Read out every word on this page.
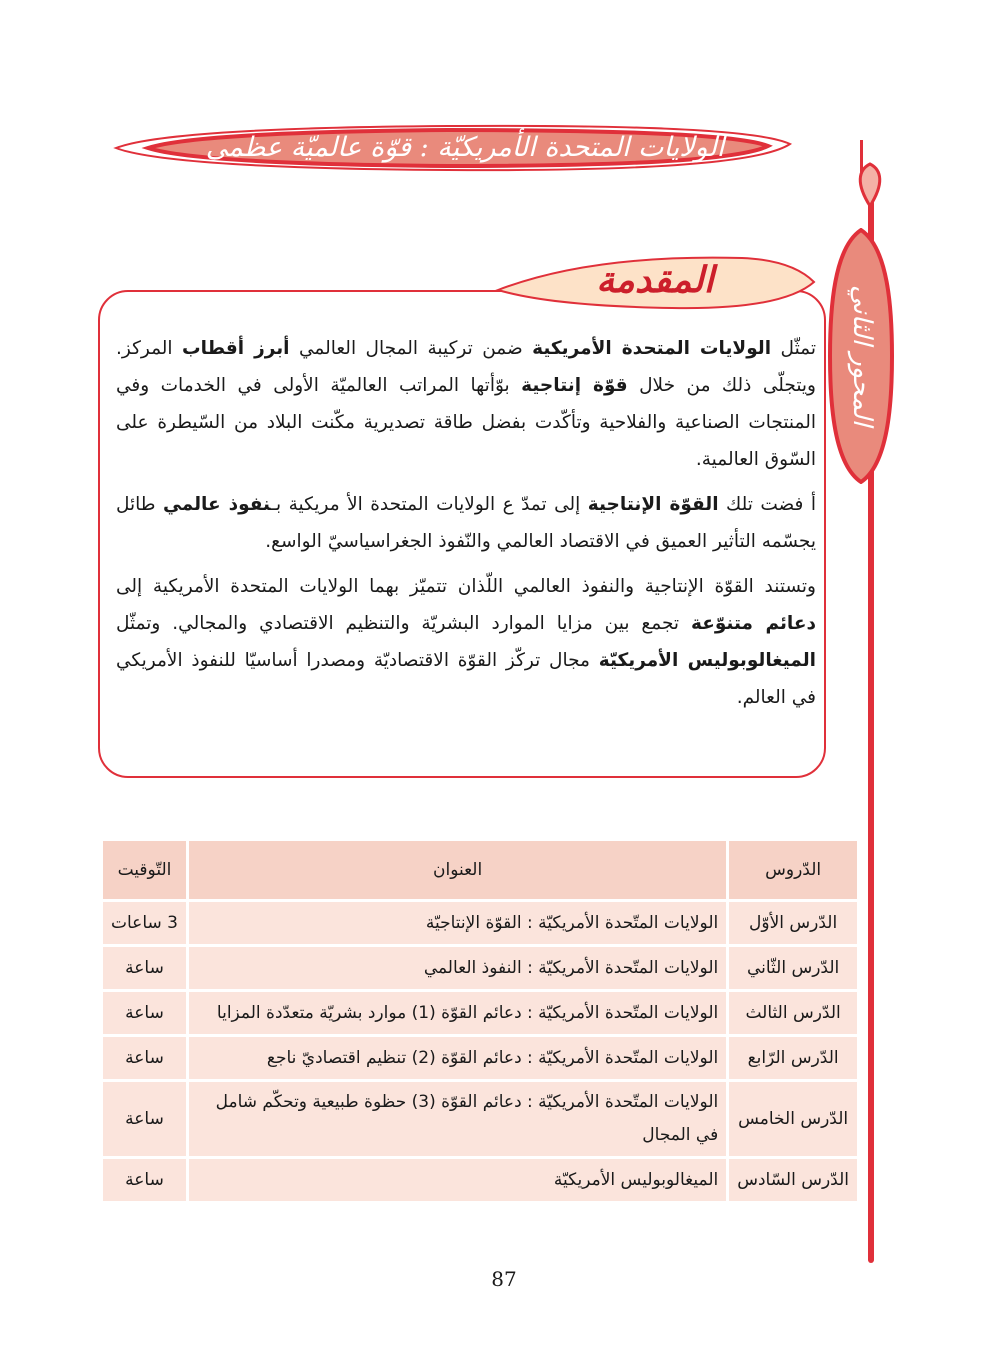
الولايات المتحدة الأمريكيّة : قوّة عالميّة عظمى
المحور الثاني
المقدمة

تمثّل الولايات المتحدة الأمريكية ضمن تركيبة المجال العالمي أبرز أقطاب المركز. ويتجلّى ذلك من خلال قوّة إنتاجية بوّأتها المراتب العالميّة الأولى في الخدمات وفي المنتجات الصناعية والفلاحية وتأكّدت بفضل طاقة تصديرية مكّنت البلاد من السّيطرة على السّوق العالمية.

أ فضت تلك القوّة الإنتاجية إلى تمدّ ع الولايات المتحدة الأ مريكية بـنفوذ عالمي طائل يجسّمه التأثير العميق في الاقتصاد العالمي والنّفوذ الجغراسياسيّ الواسع.

وتستند القوّة الإنتاجية والنفوذ العالمي اللّذان تتميّز بهما الولايات المتحدة الأمريكية إلى دعائم متنوّعة تجمع بين مزايا الموارد البشريّة والتنظيم الاقتصادي والمجالي. وتمثّل الميغالوبوليس الأمريكيّة مجال تركّز القوّة الاقتصاديّة ومصدرا أساسيّا للنفوذ الأمريكي في العالم.

الدّروس	العنوان	التّوقيت
الدّرس الأوّل	الولايات المتّحدة الأمريكيّة : القوّة الإنتاجيّة	3 ساعات
الدّرس الثّاني	الولايات المتّحدة الأمريكيّة : النفوذ العالمي	ساعة
الدّرس الثالث	الولايات المتّحدة الأمريكيّة : دعائم القوّة (1) موارد بشريّة متعدّدة المزايا	ساعة
الدّرس الرّابع	الولايات المتّحدة الأمريكيّة : دعائم القوّة (2) تنظيم اقتصاديّ ناجع	ساعة
الدّرس الخامس	الولايات المتّحدة الأمريكيّة : دعائم القوّة (3) حظوة طبيعية وتحكّم شامل في المجال	ساعة
الدّرس السّادس	الميغالوبوليس الأمريكيّة	ساعة
87
